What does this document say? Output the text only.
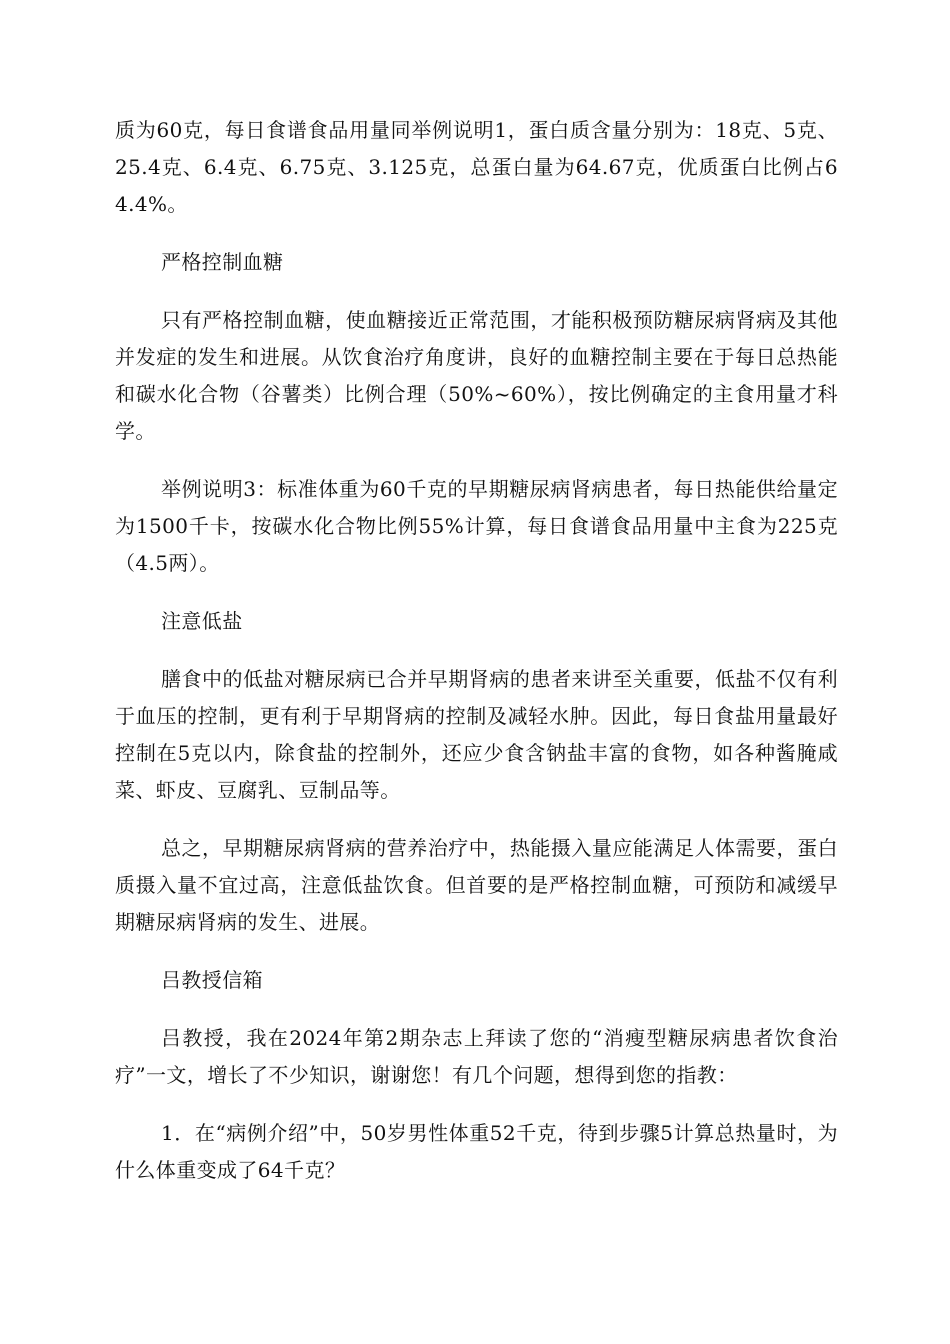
质为60克，每日食谱食品用量同举例说明1，蛋白质含量分别为：18克、5克、25.4克、6.4克、6.75克、3.125克，总蛋白量为64.67克，优质蛋白比例占64.4%。

严格控制血糖

只有严格控制血糖，使血糖接近正常范围，才能积极预防糖尿病肾病及其他并发症的发生和进展。从饮食治疗角度讲，良好的血糖控制主要在于每日总热能和碳水化合物（谷薯类）比例合理（50%~60%），按比例确定的主食用量才科学。

举例说明3：标准体重为60千克的早期糖尿病肾病患者，每日热能供给量定为1500千卡，按碳水化合物比例55%计算，每日食谱食品用量中主食为225克（4.5两）。

注意低盐

膳食中的低盐对糖尿病已合并早期肾病的患者来讲至关重要，低盐不仅有利于血压的控制，更有利于早期肾病的控制及减轻水肿。因此，每日食盐用量最好控制在5克以内，除食盐的控制外，还应少食含钠盐丰富的食物，如各种酱腌咸菜、虾皮、豆腐乳、豆制品等。

总之，早期糖尿病肾病的营养治疗中，热能摄入量应能满足人体需要，蛋白质摄入量不宜过高，注意低盐饮食。但首要的是严格控制血糖，可预防和减缓早期糖尿病肾病的发生、进展。

吕教授信箱

吕教授，我在2024年第2期杂志上拜读了您的“消瘦型糖尿病患者饮食治疗”一文，增长了不少知识，谢谢您！有几个问题，想得到您的指教：

1．在“病例介绍”中，50岁男性体重52千克，待到步骤5计算总热量时，为什么体重变成了64千克？
